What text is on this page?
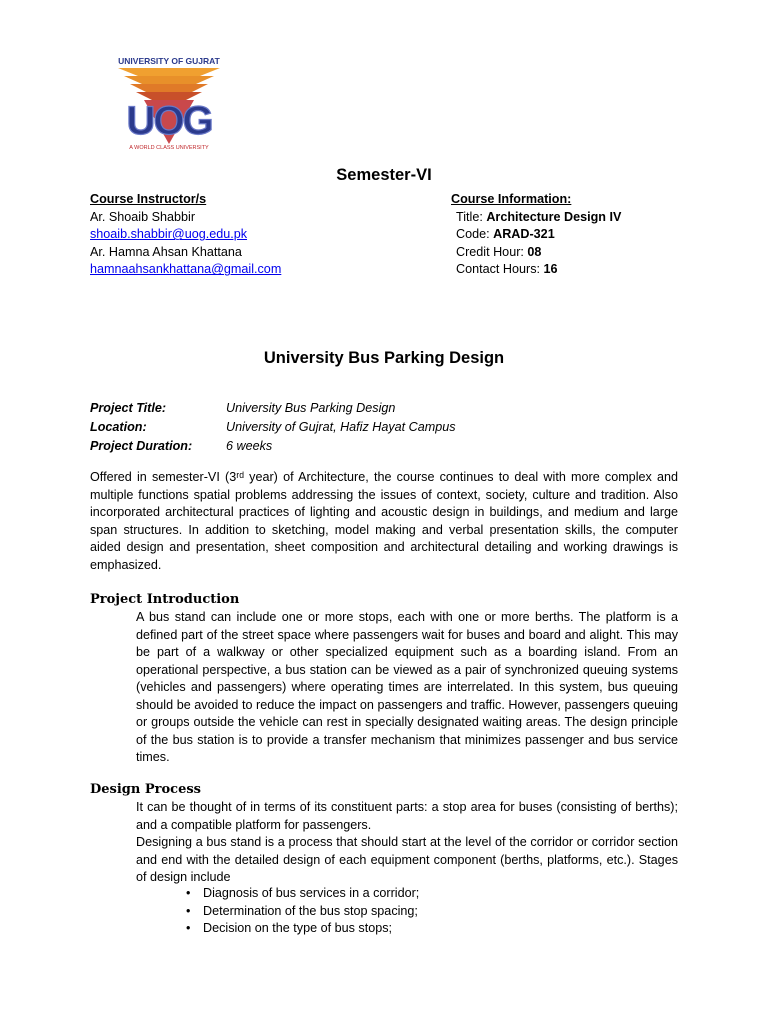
UNIVERSITY OF GUJRAT
UOG
A WORLD CLASS UNIVERSITY
Semester-VI
Course Instructor/s
Ar. Shoaib Shabbir
shoaib.shabbir@uog.edu.pk
Ar. Hamna Ahsan Khattana
hamnaahsankhattana@gmail.com
Course Information:
Title: Architecture Design IV
Code: ARAD-321
Credit Hour: 08
Contact Hours: 16
University Bus Parking Design
Project Title:	University Bus Parking Design
Location:	University of Gujrat, Hafiz Hayat Campus
Project Duration:	6 weeks
Offered in semester-VI (3ʳᵈ year) of Architecture, the course continues to deal with more complex and multiple functions spatial problems addressing the issues of context, society, culture and tradition. Also incorporated architectural practices of lighting and acoustic design in buildings, and medium and large span structures. In addition to sketching, model making and verbal presentation skills, the computer aided design and presentation, sheet composition and architectural detailing and working drawings is emphasized.
Project Introduction
A bus stand can include one or more stops, each with one or more berths. The platform is a defined part of the street space where passengers wait for buses and board and alight. This may be part of a walkway or other specialized equipment such as a boarding island. From an operational perspective, a bus station can be viewed as a pair of synchronized queuing systems (vehicles and passengers) where operating times are interrelated. In this system, bus queuing should be avoided to reduce the impact on passengers and traffic. However, passengers queuing or groups outside the vehicle can rest in specially designated waiting areas. The design principle of the bus station is to provide a transfer mechanism that minimizes passenger and bus service times.
Design Process
It can be thought of in terms of its constituent parts: a stop area for buses (consisting of berths); and a compatible platform for passengers.
Designing a bus stand is a process that should start at the level of the corridor or corridor section and end with the detailed design of each equipment component (berths, platforms, etc.). Stages of design include
• Diagnosis of bus services in a corridor;
• Determination of the bus stop spacing;
• Decision on the type of bus stops;
